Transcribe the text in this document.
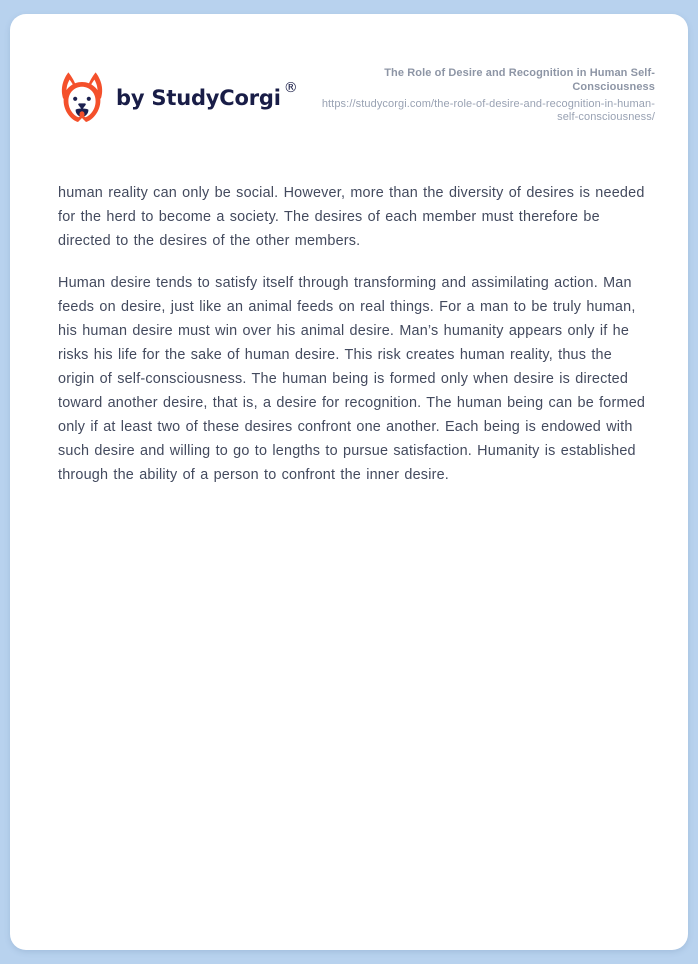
by StudyCorgi ®
The Role of Desire and Recognition in Human Self-Consciousness
https://studycorgi.com/the-role-of-desire-and-recognition-in-human-self-consciousness/

human reality can only be social. However, more than the diversity of desires is needed for the herd to become a society. The desires of each member must therefore be directed to the desires of the other members.

Human desire tends to satisfy itself through transforming and assimilating action. Man feeds on desire, just like an animal feeds on real things. For a man to be truly human, his human desire must win over his animal desire. Man’s humanity appears only if he risks his life for the sake of human desire. This risk creates human reality, thus the origin of self-consciousness. The human being is formed only when desire is directed toward another desire, that is, a desire for recognition. The human being can be formed only if at least two of these desires confront one another. Each being is endowed with such desire and willing to go to lengths to pursue satisfaction. Humanity is established through the ability of a person to confront the inner desire.
